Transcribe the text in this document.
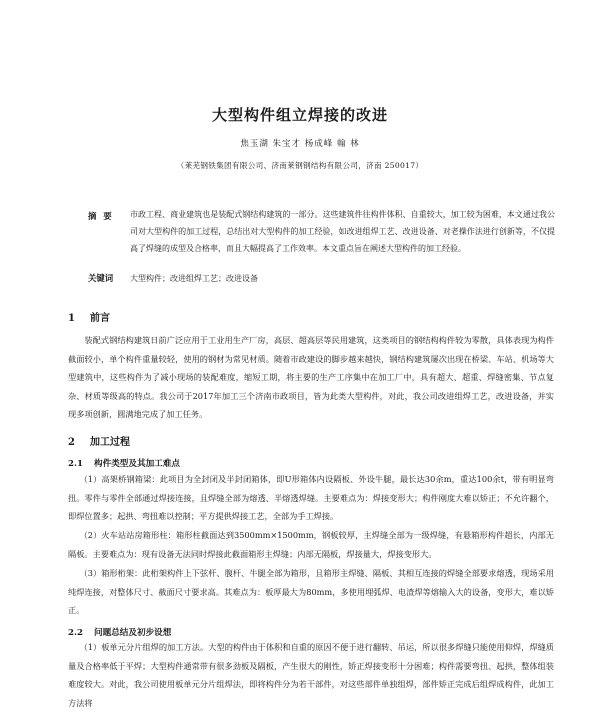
大型构件组立焊接的改进
焦玉湖 朱宝才 杨成峰 翰 林
（莱芜钢铁集团有限公司、济南莱钢钢结构有限公司，济南 250017）
摘 要 市政工程、商业建筑也是装配式钢结构建筑的一部分。这些建筑件往构件体积、自重较大，加工较为困难，本文通过我公司对大型构件的加工过程，总结出对大型构件的加工经验，如改进组焊工艺、改进设备、对老操作法进行创新等，不仅提高了焊缝的成型及合格率，而且大幅提高了工作效率。本文重点旨在阐述大型构件的加工经验。
关键词 大型构件；改进组焊工艺；改进设备
1 前言
装配式钢结构建筑日前广泛应用于工业用生产厂房，高层、超高层等民用建筑，这类项目的钢结构构件较为零散，具体表现为构件截面较小，单个构件重量较轻，使用的钢材为常见材质。随着市政建设的脚步越来越快，钢结构建筑屡次出现在桥梁、车站、机场等大型建筑中，这些构件为了减小现场的装配难度，缩短工期，将主要的生产工序集中在加工厂中，具有超大、超重、焊缝密集、节点复杂、材质等级高的特点。我公司于2017年加工三个济南市政项目，皆为此类大型构件，对此，我公司改进组焊工艺，改进设备，并实现多项创新，圆满地完成了加工任务。
2 加工过程
2.1 构件类型及其加工难点
（1）高架桥钢箱梁：此项目为全封闭及半封闭箱体，即U形箱体内设隔板、外设牛腿，最长达30余m，重达100余t，带有明显弯扭。零件与零件全部通过焊接连接，且焊缝全部为熔透、半熔透焊缝。主要难点为：焊接变形大；构件刚度大难以矫正；不允许翻个，即焊位置多；起拱、弯扭难以控制；平方提供焊接工艺，全部为手工焊接。
（2）火车站站房箱形柱：箱形柱截面达到3500mm×1500mm，钢板较厚，主焊缝全部为一级焊缝，有悬箱形构件超长，内部无隔板。主要难点为：现有设备无法同时焊接此截面箱形主焊缝；内部无隔板，焊接量大，焊接变形大。
（3）箱形桁架：此桁架构件上下弦杆、腹杆、牛腿全部为箱形，且箱形主焊缝、隔板、其相互连接的焊缝全部要求熔透，现场采用纯焊连接，对整体尺寸、截面尺寸要求高。其难点为：板厚最大为80mm，多使用埋弧焊、电渣焊等熔输入大的设备，变形大，难以矫正。
2.2 问题总结及初步设想
（1）板单元分片组焊的加工方法。大型的构件由于体积和自重的原因不便于进行翻转、吊运，所以很多焊缝只能使用仰焊，焊缝质量及合格率低于平焊；大型构件通常带有很多劲板及隔板，产生很大的刚性，矫正焊接变形十分困难；构件需要弯扭、起拱，整体组装难度较大。对此，我公司使用板单元分片组焊法，即将构件分为若干部件，对这些部件单独组焊，部件矫正完成后组焊成构件，此加工方法将
